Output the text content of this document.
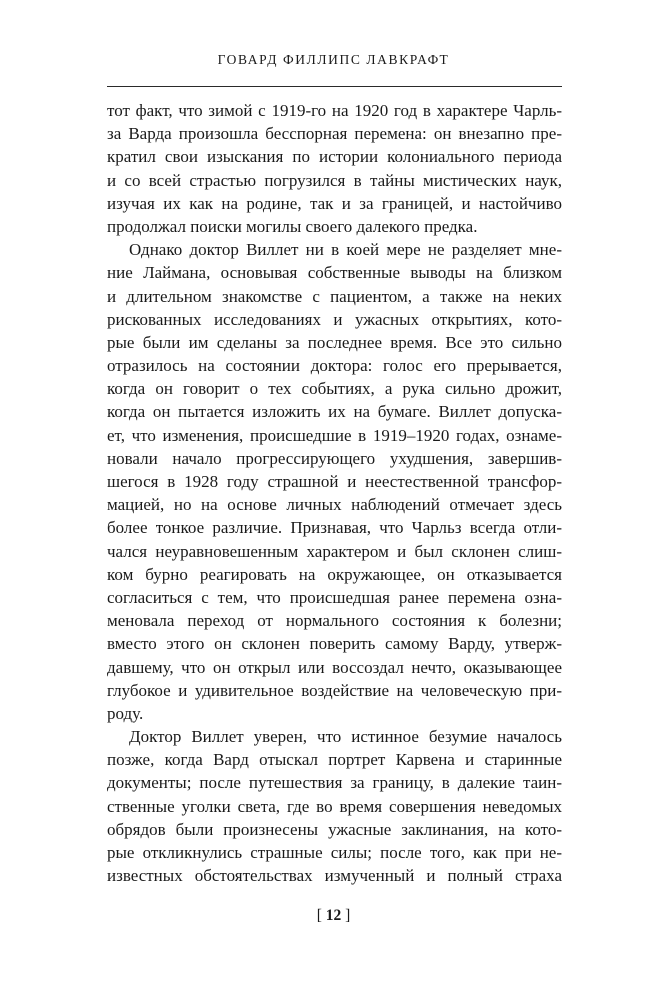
ГОВАРД ФИЛЛИПС ЛАВКРАФТ
тот факт, что зимой с 1919-го на 1920 год в характере Чарль-
за Варда произошла бесспорная перемена: он внезапно пре-
кратил свои изыскания по истории колониального периода
и со всей страстью погрузился в тайны мистических наук,
изучая их как на родине, так и за границей, и настойчиво
продолжал поиски могилы своего далекого предка.
Однако доктор Виллет ни в коей мере не разделяет мне-
ние Лаймана, основывая собственные выводы на близком
и длительном знакомстве с пациентом, а также на неких
рискованных исследованиях и ужасных открытиях, кото-
рые были им сделаны за последнее время. Все это сильно
отразилось на состоянии доктора: голос его прерывается,
когда он говорит о тех событиях, а рука сильно дрожит,
когда он пытается изложить их на бумаге. Виллет допуска-
ет, что изменения, происшедшие в 1919–1920 годах, ознаме-
новали начало прогрессирующего ухудшения, завершив-
шегося в 1928 году страшной и неестественной трансфор-
мацией, но на основе личных наблюдений отмечает здесь
более тонкое различие. Признавая, что Чарльз всегда отли-
чался неуравновешенным характером и был склонен слиш-
ком бурно реагировать на окружающее, он отказывается
согласиться с тем, что происшедшая ранее перемена озна-
меновала переход от нормального состояния к болезни;
вместо этого он склонен поверить самому Варду, утверж-
давшему, что он открыл или воссоздал нечто, оказывающее
глубокое и удивительное воздействие на человеческую при-
роду.
Доктор Виллет уверен, что истинное безумие началось
позже, когда Вард отыскал портрет Карвена и старинные
документы; после путешествия за границу, в далекие таин-
ственные уголки света, где во время совершения неведомых
обрядов были произнесены ужасные заклинания, на кото-
рые откликнулись страшные силы; после того, как при не-
известных обстоятельствах измученный и полный страха
[ 12 ]
